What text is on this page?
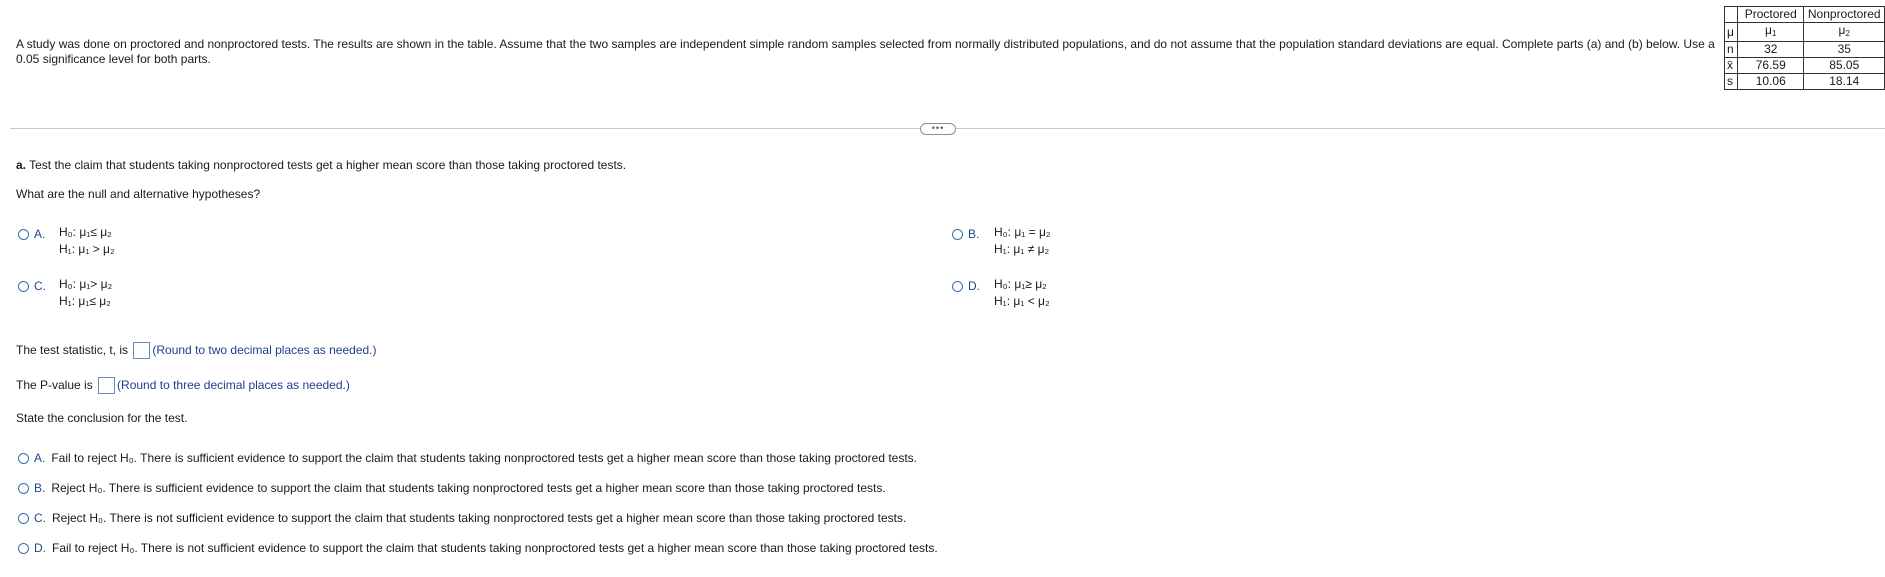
A study was done on proctored and nonproctored tests. The results are shown in the table. Assume that the two samples are independent simple random samples selected from normally distributed populations, and do not assume that the population standard deviations are equal. Complete parts (a) and (b) below. Use a 0.05 significance level for both parts.
	Proctored	Nonproctored
μ	$\mu_1$	$\mu_2$
n	32	35
x̄	76.59	85.05
s	10.06	18.14
•••
a. Test the claim that students taking nonproctored tests get a higher mean score than those taking proctored tests.
What are the null and alternative hypotheses?
A.	H₀: μ₁≤ μ₂
H₁: μ₁ > μ₂
B.	H₀: μ₁ = μ₂
H₁: μ₁ ≠ μ₂
C.	H₀: μ₁> μ₂
H₁: μ₁≤ μ₂
D.	H₀: μ₁≥ μ₂
H₁: μ₁ < μ₂
The test statistic, t, is (Round to two decimal places as needed.)
The P-value is (Round to three decimal places as needed.)
State the conclusion for the test.
A. Fail to reject H₀. There is sufficient evidence to support the claim that students taking nonproctored tests get a higher mean score than those taking proctored tests.
B. Reject H₀. There is sufficient evidence to support the claim that students taking nonproctored tests get a higher mean score than those taking proctored tests.
C. Reject H₀. There is not sufficient evidence to support the claim that students taking nonproctored tests get a higher mean score than those taking proctored tests.
D. Fail to reject H₀. There is not sufficient evidence to support the claim that students taking nonproctored tests get a higher mean score than those taking proctored tests.
